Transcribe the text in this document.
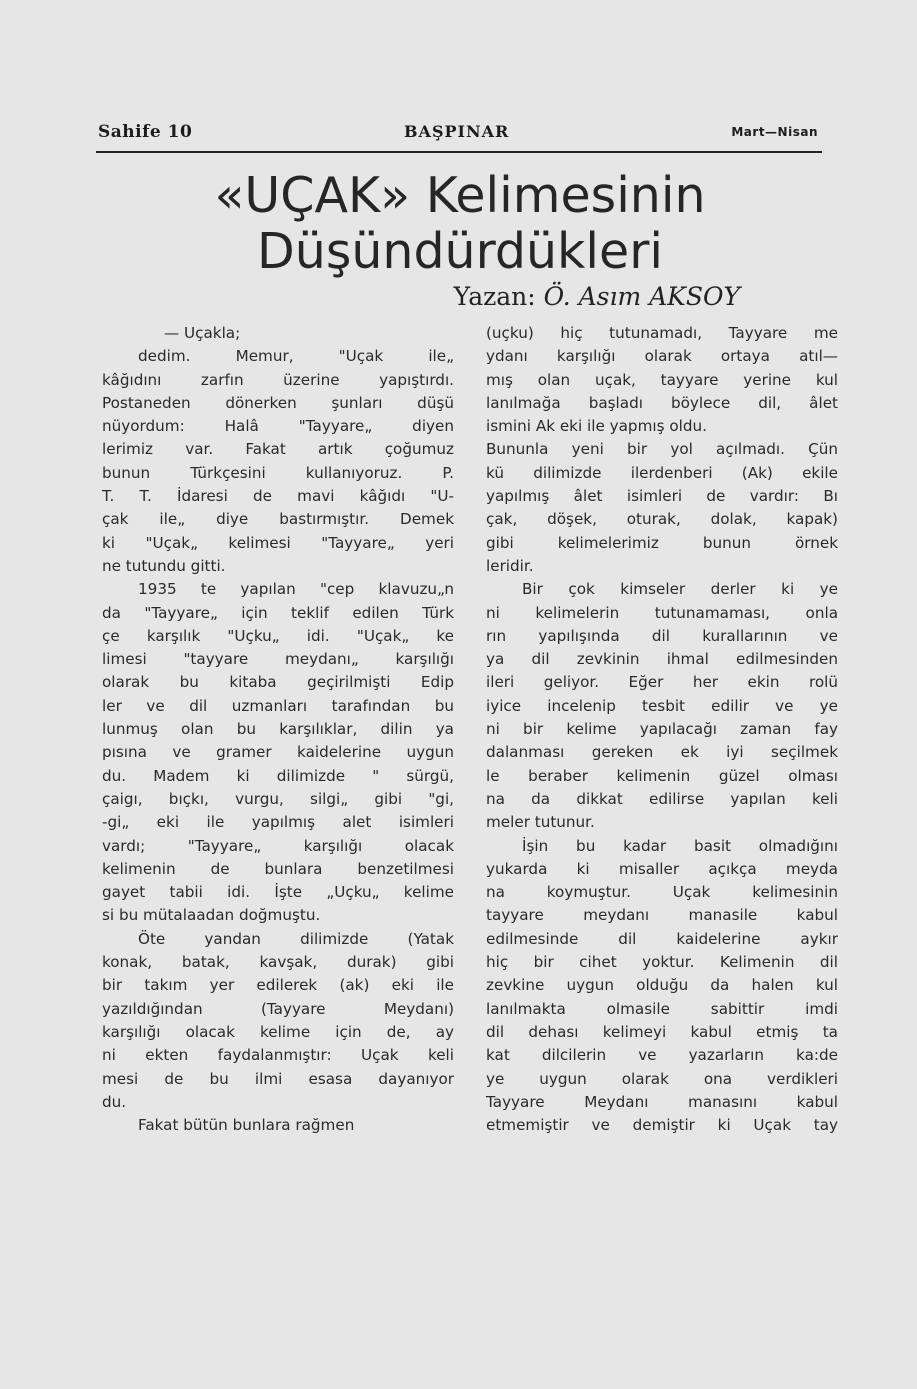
Sahife 10	BAŞPINAR	Mart—Nisan
«UÇAK» Kelimesinin
Düşündürdükleri
Yazan: Ö. Asım AKSOY
— Uçakla;
dedim. Memur, "Uçak ile„
kâğıdını zarfın üzerine yapıştırdı.
Postaneden dönerken şunları düşü
nüyordum: Halâ "Tayyare„ diyen
lerimiz var. Fakat artık çoğumuz
bunun Türkçesini kullanıyoruz. P.
T. T. İdaresi de mavi kâğıdı "U-
çak ile„ diye bastırmıştır. Demek
ki "Uçak„ kelimesi "Tayyare„ yeri
ne tutundu gitti.
1935 te yapılan "cep klavuzu„n
da "Tayyare„ için teklif edilen Türk
çe karşılık "Uçku„ idi. "Uçak„ ke
limesi "tayyare meydanı„ karşılığı
olarak bu kitaba geçirilmişti Edip
ler ve dil uzmanları tarafından bu
lunmuş olan bu karşılıklar, dilin ya
pısına ve gramer kaidelerine uygun
du. Madem ki dilimizde " sürgü,
çaigı, bıçkı, vurgu, silgi„ gibi "gi,
-gi„ eki ile yapılmış alet isimleri
vardı; "Tayyare„ karşılığı olacak
kelimenin de bunlara benzetilmesi
gayet tabii idi. İşte „Uçku„ kelime
si bu mütalaadan doğmuştu.
Öte yandan dilimizde (Yatak
konak, batak, kavşak, durak) gibi
bir takım yer edilerek (ak) eki ile
yazıldığından (Tayyare Meydanı)
karşılığı olacak kelime için de, ay
ni ekten faydalanmıştır: Uçak keli
mesi de bu ilmi esasa dayanıyor
du.
Fakat bütün bunlara rağmen
(uçku) hiç tutunamadı, Tayyare me
ydanı karşılığı olarak ortaya atıl—
mış olan uçak, tayyare yerine kul
lanılmağa başladı böylece dil, âlet
ismini Ak eki ile yapmış oldu.
Bununla yeni bir yol açılmadı. Çün
kü dilimizde ilerdenberi (Ak) ekile
yapılmış âlet isimleri de vardır: Bı
çak, döşek, oturak, dolak, kapak)
gibi kelimelerimiz bunun örnek
leridir.
Bir çok kimseler derler ki ye
ni kelimelerin tutunamaması, onla
rın yapılışında dil kurallarının ve
ya dil zevkinin ihmal edilmesinden
ileri geliyor. Eğer her ekin rolü
iyice incelenip tesbit edilir ve ye
ni bir kelime yapılacağı zaman fay
dalanması gereken ek iyi seçilmek
le beraber kelimenin güzel olması
na da dikkat edilirse yapılan keli
meler tutunur.
İşin bu kadar basit olmadığını
yukarda ki misaller açıkça meyda
na koymuştur. Uçak kelimesinin
tayyare meydanı manasile kabul
edilmesinde dil kaidelerine aykır
hiç bir cihet yoktur. Kelimenin dil
zevkine uygun olduğu da halen kul
lanılmakta olmasile sabittir imdi
dil dehası kelimeyi kabul etmiş ta
kat dilcilerin ve yazarların ka:de
ye uygun olarak ona verdikleri
Tayyare Meydanı manasını kabul
etmemiştir ve demiştir ki Uçak tay
